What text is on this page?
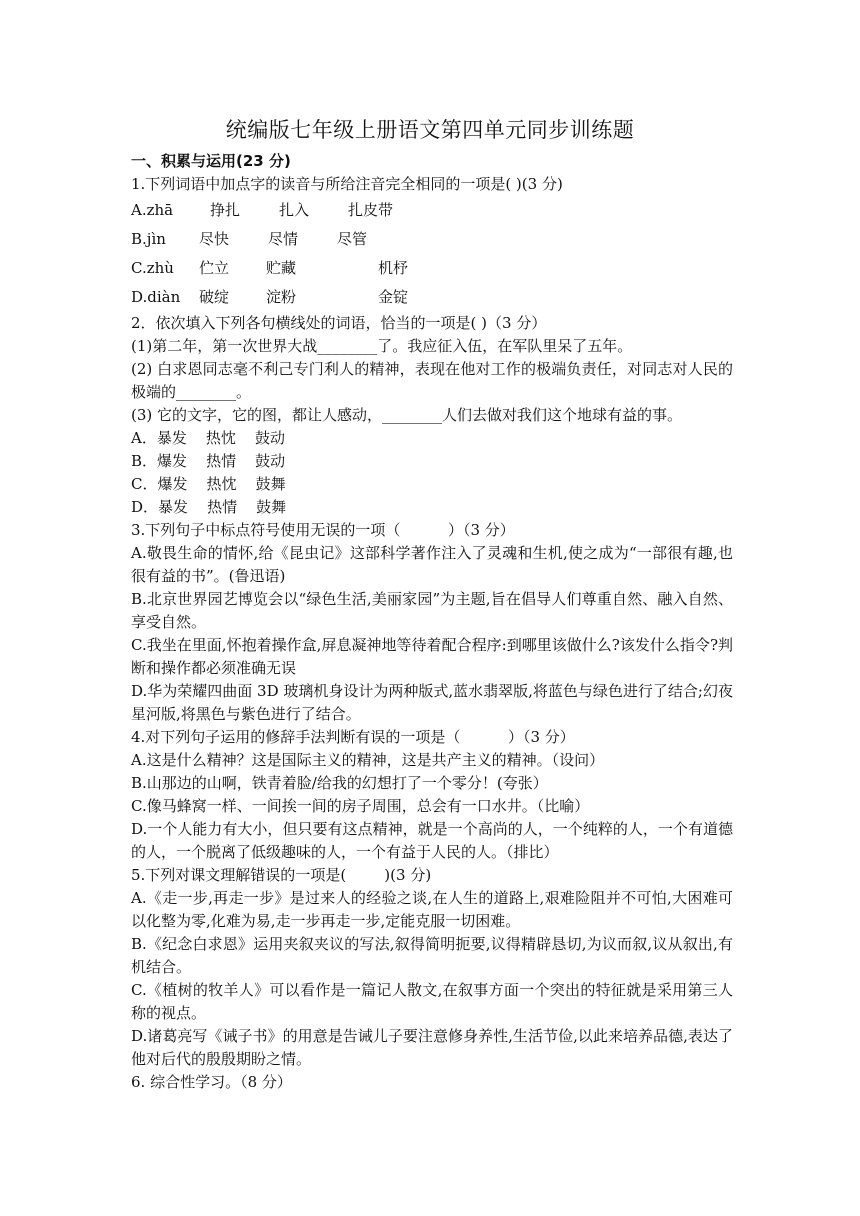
统编版七年级上册语文第四单元同步训练题
一、积累与运用(23 分)
1.下列词语中加点字的读音与所给注音完全相同的一项是( )(3 分)
A.zhā 挣扎	扎入	扎皮带
B.jìn 尽快	尽情	尽管
C.zhù 伫立 贮藏	机杼
D.diàn 破绽 淀粉	金锭
2．依次填入下列各句横线处的词语，恰当的一项是( )（3 分）
(1)第二年，第一次世界大战________了。我应征入伍，在军队里呆了五年。
(2) 白求恩同志毫不利己专门利人的精神，表现在他对工作的极端负责任，对同志对人民的极端的________。
(3) 它的文字，它的图，都让人感动，________人们去做对我们这个地球有益的事。
A．暴发    热忱    鼓动
B．爆发    热情    鼓动
C．爆发    热忱    鼓舞
D．暴发    热情    鼓舞
3.下列句子中标点符号使用无误的一项（          ）（3 分）
A.敬畏生命的情怀,给《昆虫记》这部科学著作注入了灵魂和生机,使之成为“一部很有趣,也很有益的书”。(鲁迅语)
B.北京世界园艺博览会以“绿色生活,美丽家园”为主题,旨在倡导人们尊重自然、融入自然、享受自然。
C.我坐在里面,怀抱着操作盒,屏息凝神地等待着配合程序:到哪里该做什么?该发什么指令?判断和操作都必须准确无误
D.华为荣耀四曲面 3D 玻璃机身设计为两种版式,蓝水翡翠版,将蓝色与绿色进行了结合;幻夜星河版,将黑色与紫色进行了结合。
4.对下列句子运用的修辞手法判断有误的一项是（          ）（3 分）
A.这是什么精神？这是国际主义的精神，这是共产主义的精神。（设问）
B.山那边的山啊，铁青着脸/给我的幻想打了一个零分！(夸张）
C.像马蜂窝一样、一间挨一间的房子周围，总会有一口水井。（比喻）
D.一个人能力有大小，但只要有这点精神，就是一个高尚的人，一个纯粹的人，一个有道德的人，一个脱离了低级趣味的人，一个有益于人民的人。（排比）
5.下列对课文理解错误的一项是(        )(3 分)
A.《走一步,再走一步》是过来人的经验之谈,在人生的道路上,艰难险阻并不可怕,大困难可以化整为零,化难为易,走一步再走一步,定能克服一切困难。
B.《纪念白求恩》运用夹叙夹议的写法,叙得简明扼要,议得精辟恳切,为议而叙,议从叙出,有机结合。
C.《植树的牧羊人》可以看作是一篇记人散文,在叙事方面一个突出的特征就是采用第三人称的视点。
D.诸葛亮写《诫子书》的用意是告诫儿子要注意修身养性,生活节俭,以此来培养品德,表达了他对后代的殷殷期盼之情。
6. 综合性学习。（8 分）
